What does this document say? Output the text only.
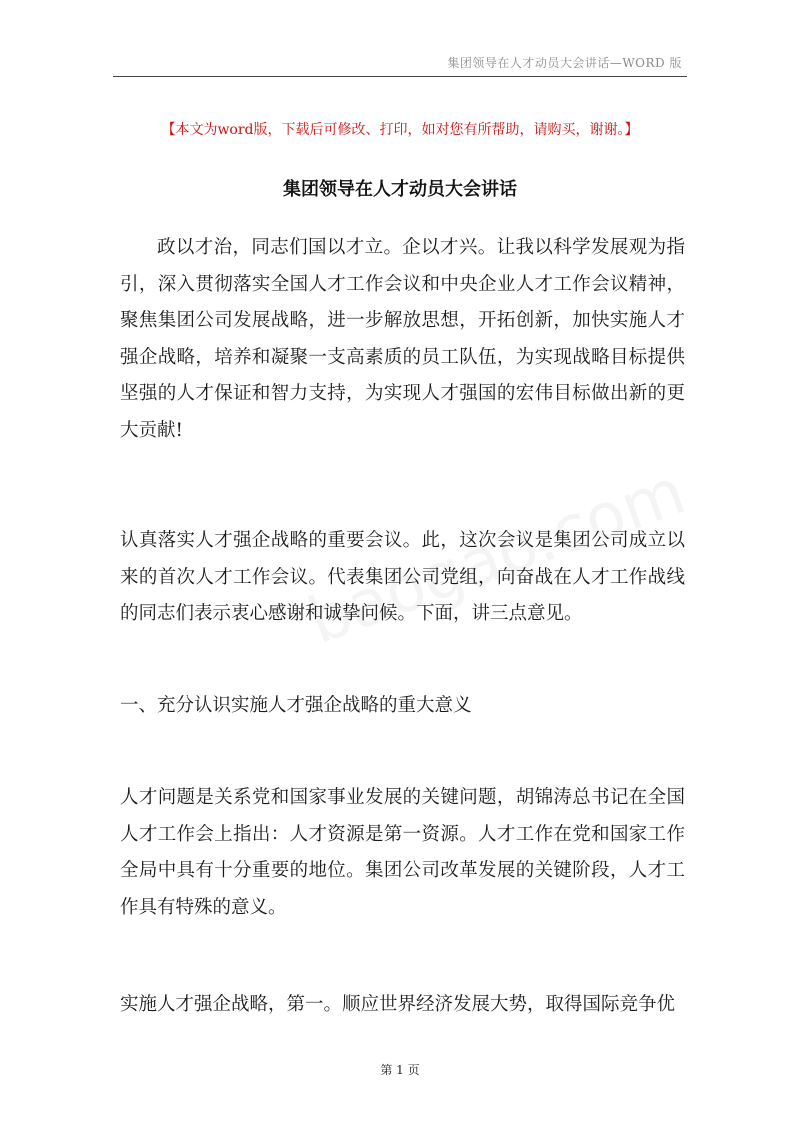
集团领导在人才动员大会讲话—WORD 版
【本文为word版，下载后可修改、打印，如对您有所帮助，请购买，谢谢。】
集团领导在人才动员大会讲话

政以才治，同志们国以才立。企以才兴。让我以科学发展观为指引，深入贯彻落实全国人才工作会议和中央企业人才工作会议精神，聚焦集团公司发展战略，进一步解放思想，开拓创新，加快实施人才强企战略，培养和凝聚一支高素质的员工队伍，为实现战略目标提供坚强的人才保证和智力支持，为实现人才强国的宏伟目标做出新的更大贡献!

认真落实人才强企战略的重要会议。此，这次会议是集团公司成立以来的首次人才工作会议。代表集团公司党组，向奋战在人才工作战线的同志们表示衷心感谢和诚挚问候。下面，讲三点意见。

一、充分认识实施人才强企战略的重大意义

人才问题是关系党和国家事业发展的关键问题，胡锦涛总书记在全国人才工作会上指出：人才资源是第一资源。人才工作在党和国家工作全局中具有十分重要的地位。集团公司改革发展的关键阶段，人才工作具有特殊的意义。

实施人才强企战略，第一。顺应世界经济发展大势，取得国际竞争优

第 1 页
